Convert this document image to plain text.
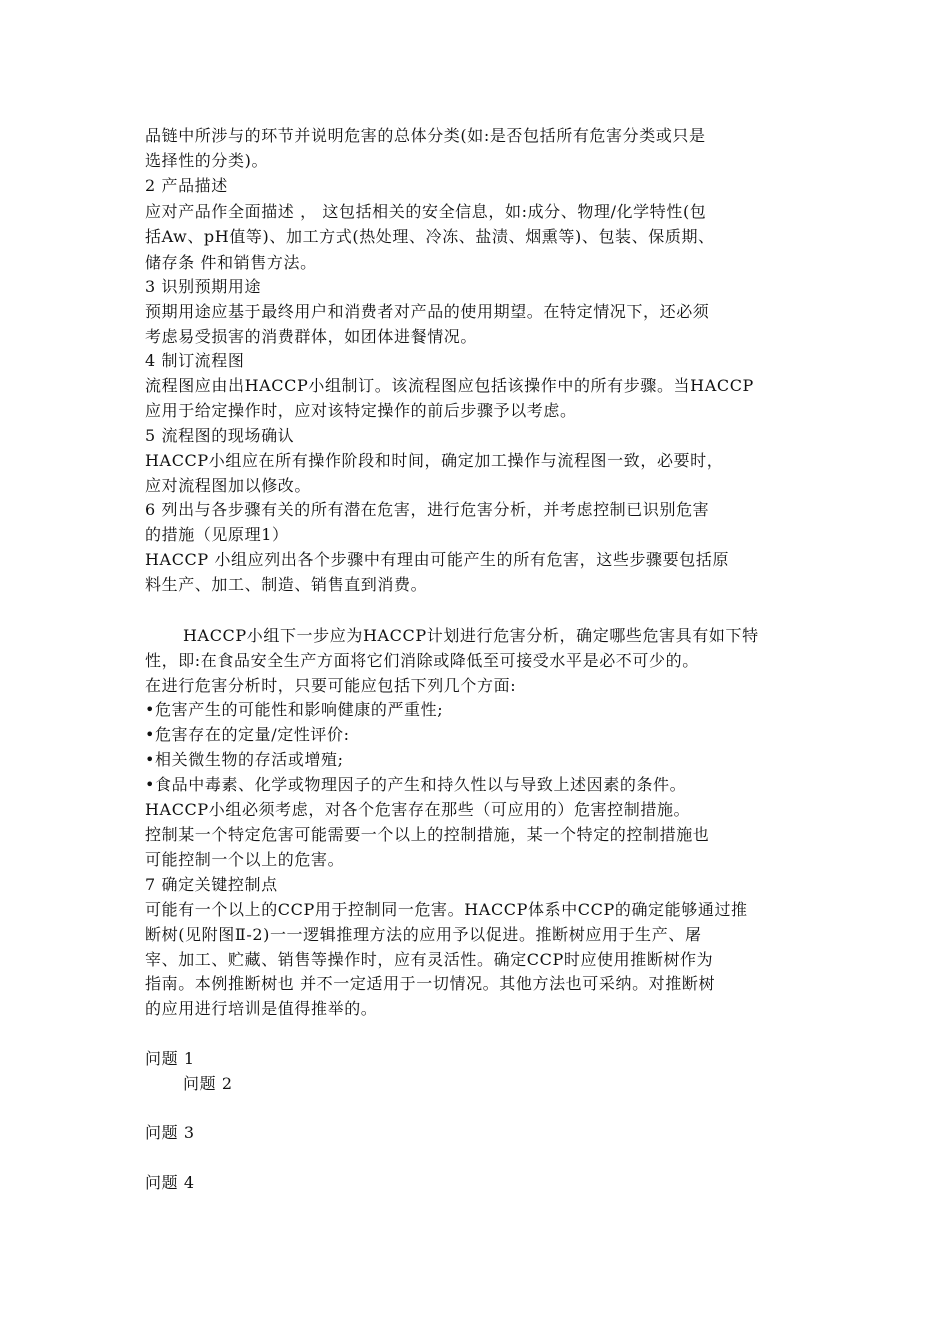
品链中所涉与的环节并说明危害的总体分类(如:是否包括所有危害分类或只是
选择性的分类)。
2 产品描述
应对产品作全面描述 ， 这包括相关的安全信息，如:成分、物理/化学特性(包
括Aw、pH值等)、加工方式(热处理、冷冻、盐渍、烟熏等)、包装、保质期、
储存条 件和销售方法。
3 识别预期用途
预期用途应基于最终用户和消费者对产品的使用期望。在特定情况下，还必须
考虑易受损害的消费群体，如团体进餐情况。
4 制订流程图
流程图应由出HACCP小组制订。该流程图应包括该操作中的所有步骤。当HACCP
应用于给定操作时，应对该特定操作的前后步骤予以考虑。
5 流程图的现场确认
HACCP小组应在所有操作阶段和时间，确定加工操作与流程图一致，必要时，
应对流程图加以修改。
6 列出与各步骤有关的所有潜在危害，进行危害分析，并考虑控制已识别危害
的措施（见原理1）
HACCP 小组应列出各个步骤中有理由可能产生的所有危害，这些步骤要包括原
料生产、加工、制造、销售直到消费。
HACCP小组下一步应为HACCP计划进行危害分析，确定哪些危害具有如下特
性，即:在食品安全生产方面将它们消除或降低至可接受水平是必不可少的。
在进行危害分析时，只要可能应包括下列几个方面:
•危害产生的可能性和影响健康的严重性;
•危害存在的定量/定性评价:
•相关微生物的存活或增殖;
•食品中毒素、化学或物理因子的产生和持久性以与导致上述因素的条件。
HACCP小组必须考虑，对各个危害存在那些（可应用的）危害控制措施。
控制某一个特定危害可能需要一个以上的控制措施，某一个特定的控制措施也
可能控制一个以上的危害。
7 确定关键控制点
可能有一个以上的CCP用于控制同一危害。HACCP体系中CCP的确定能够通过推
断树(见附图Ⅱ-2)一一逻辑推理方法的应用予以促进。推断树应用于生产、屠
宰、加工、贮藏、销售等操作时，应有灵活性。确定CCP时应使用推断树作为
指南。本例推断树也 并不一定适用于一切情况。其他方法也可采纳。对推断树
的应用进行培训是值得推举的。
问题 1
问题 2
问题 3
问题 4
